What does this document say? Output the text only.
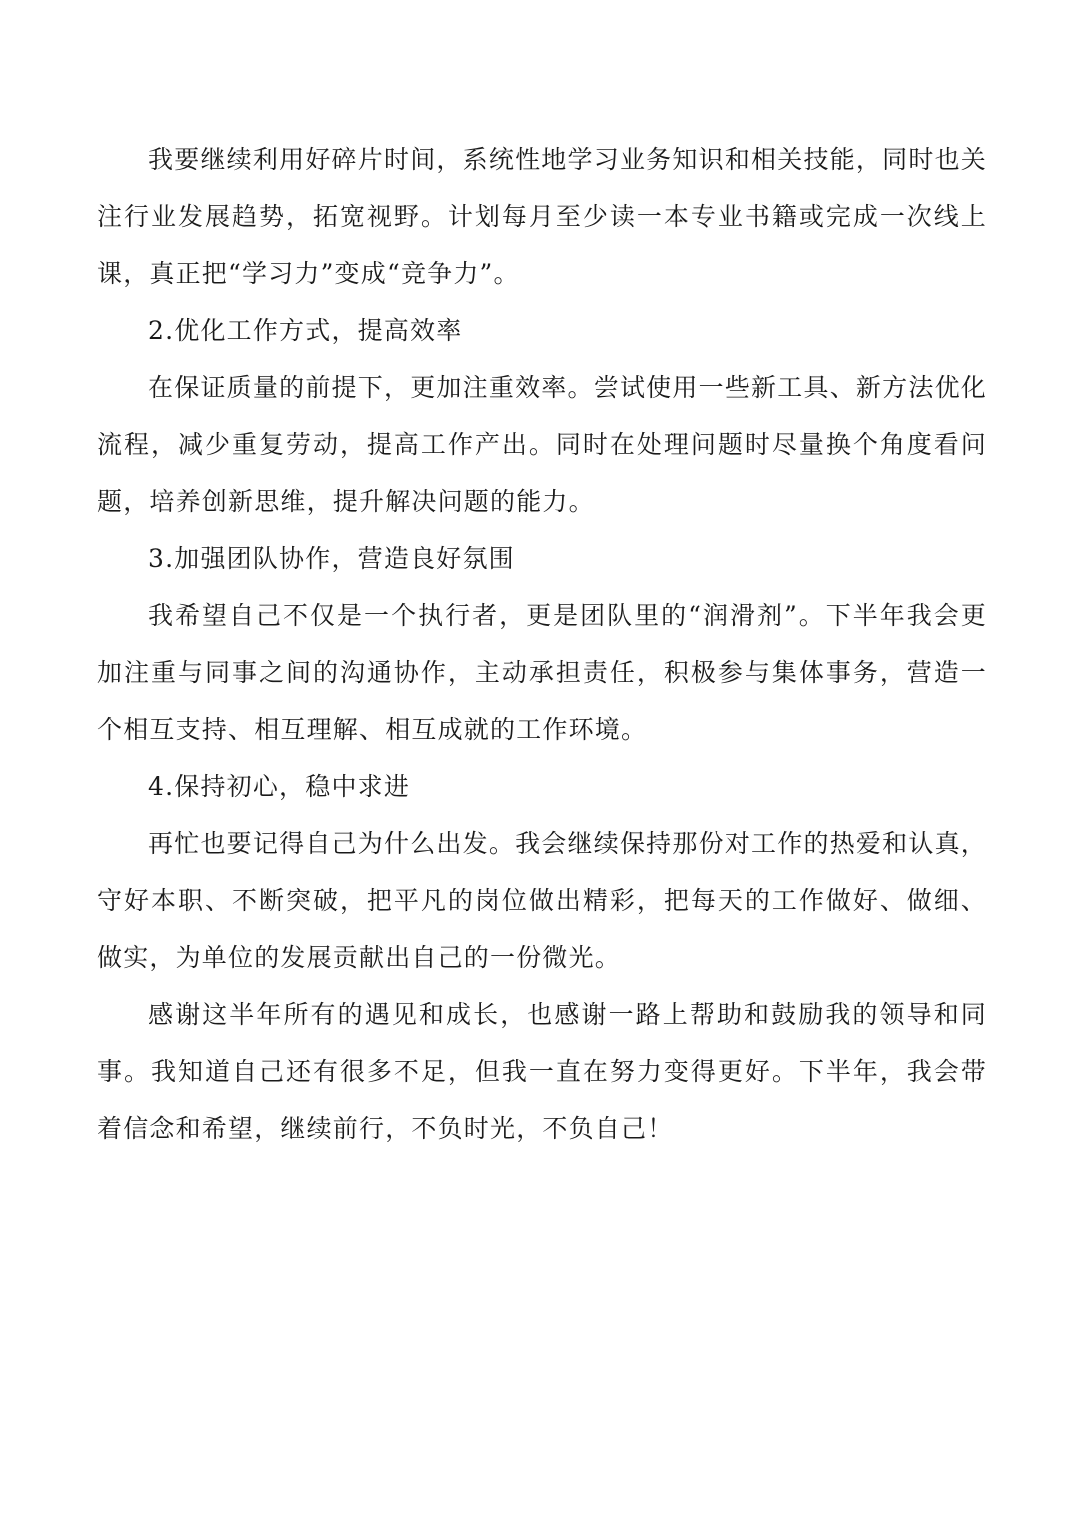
我要继续利用好碎片时间，系统性地学习业务知识和相关技能，同时也关注行业发展趋势，拓宽视野。计划每月至少读一本专业书籍或完成一次线上课，真正把“学习力”变成“竞争力”。

2.优化工作方式，提高效率

在保证质量的前提下，更加注重效率。尝试使用一些新工具、新方法优化流程，减少重复劳动，提高工作产出。同时在处理问题时尽量换个角度看问题，培养创新思维，提升解决问题的能力。

3.加强团队协作，营造良好氛围

我希望自己不仅是一个执行者，更是团队里的“润滑剂”。下半年我会更加注重与同事之间的沟通协作，主动承担责任，积极参与集体事务，营造一个相互支持、相互理解、相互成就的工作环境。

4.保持初心，稳中求进

再忙也要记得自己为什么出发。我会继续保持那份对工作的热爱和认真，守好本职、不断突破，把平凡的岗位做出精彩，把每天的工作做好、做细、做实，为单位的发展贡献出自己的一份微光。

感谢这半年所有的遇见和成长，也感谢一路上帮助和鼓励我的领导和同事。我知道自己还有很多不足，但我一直在努力变得更好。下半年，我会带着信念和希望，继续前行，不负时光，不负自己！
